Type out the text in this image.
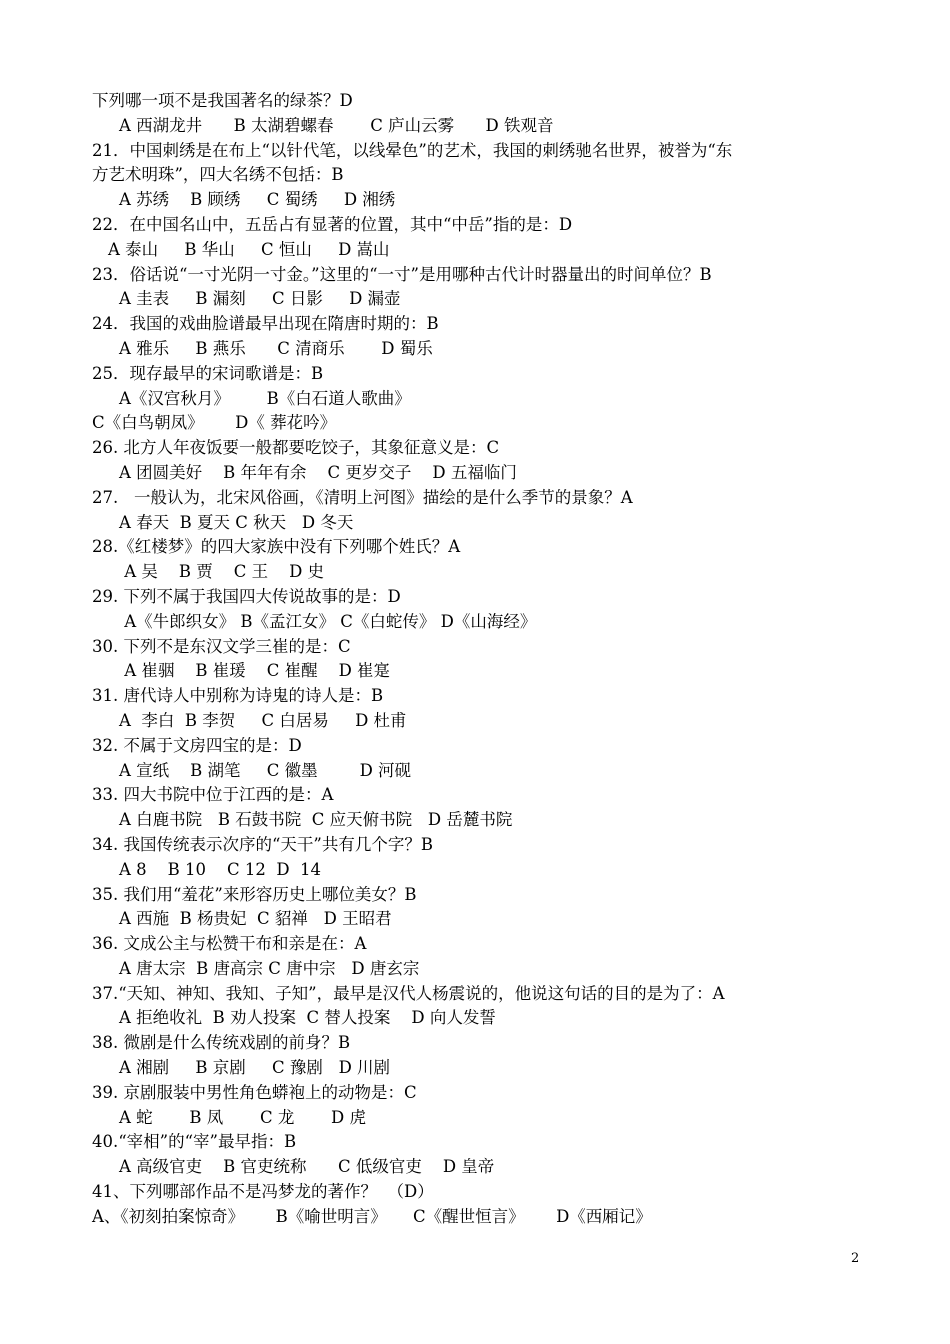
下列哪一项不是我国著名的绿茶？D
A 西湖龙井      B 太湖碧螺春       C 庐山云雾      D 铁观音
21．中国刺绣是在布上“以针代笔，以线晕色”的艺术，我国的刺绣驰名世界，被誉为“东
方艺术明珠”，四大名绣不包括：B
A 苏绣    B 顾绣     C 蜀绣     D 湘绣
22．在中国名山中，五岳占有显著的位置，其中“中岳”指的是：D
A 泰山     B 华山     C 恒山     D 嵩山
23．俗话说“一寸光阴一寸金。”这里的“一寸”是用哪种古代计时器量出的时间单位？B
A 圭表     B 漏刻     C 日影     D 漏壶
24．我国的戏曲脸谱最早出现在隋唐时期的：B
A 雅乐     B 燕乐      C 清商乐       D 蜀乐
25．现存最早的宋词歌谱是：B
A《汉宫秋月》       B《白石道人歌曲》
C《白鸟朝凤》      D《 葬花吟》
26. 北方人年夜饭要一般都要吃饺子，其象征意义是：C
A 团圆美好    B 年年有余    C 更岁交子    D 五福临门
27.   一般认为，北宋风俗画，《清明上河图》描绘的是什么季节的景象？A
A 春天  B 夏天 C 秋天   D 冬天
28.《红楼梦》的四大家族中没有下列哪个姓氏？A
A 吴    B 贾    C 王    D 史
29. 下列不属于我国四大传说故事的是：D
A《牛郎织女》 B《孟江女》 C《白蛇传》 D《山海经》
30. 下列不是东汉文学三崔的是：C
A 崔骃    B 崔瑗    C 崔醒    D 崔寔
31. 唐代诗人中别称为诗鬼的诗人是：B
A  李白  B 李贺     C 白居易     D 杜甫
32. 不属于文房四宝的是：D
A 宣纸    B 湖笔     C 徽墨        D 河砚
33. 四大书院中位于江西的是：A
A 白鹿书院   B 石鼓书院  C 应天俯书院   D 岳麓书院
34. 我国传统表示次序的“天干”共有几个字？B
A 8    B 10    C 12  D  14
35. 我们用“羞花”来形容历史上哪位美女？B
A 西施  B 杨贵妃  C 貂禅   D 王昭君
36. 文成公主与松赞干布和亲是在：A
A 唐太宗  B 唐高宗 C 唐中宗   D 唐玄宗
37.“天知、神知、我知、子知”，最早是汉代人杨震说的，他说这句话的目的是为了：A
A 拒绝收礼  B 劝人投案  C 替人投案    D 向人发誓
38. 微剧是什么传统戏剧的前身？B
A 湘剧     B 京剧     C 豫剧   D 川剧
39. 京剧服装中男性角色蟒袍上的动物是：C
A 蛇       B 凤       C 龙       D 虎
40.“宰相”的“宰”最早指：B
A 高级官吏    B 官吏统称      C 低级官吏    D 皇帝
41、下列哪部作品不是冯梦龙的著作？  （D）
A、《初刻拍案惊奇》      B《喻世明言》     C《醒世恒言》      D《西厢记》
2
